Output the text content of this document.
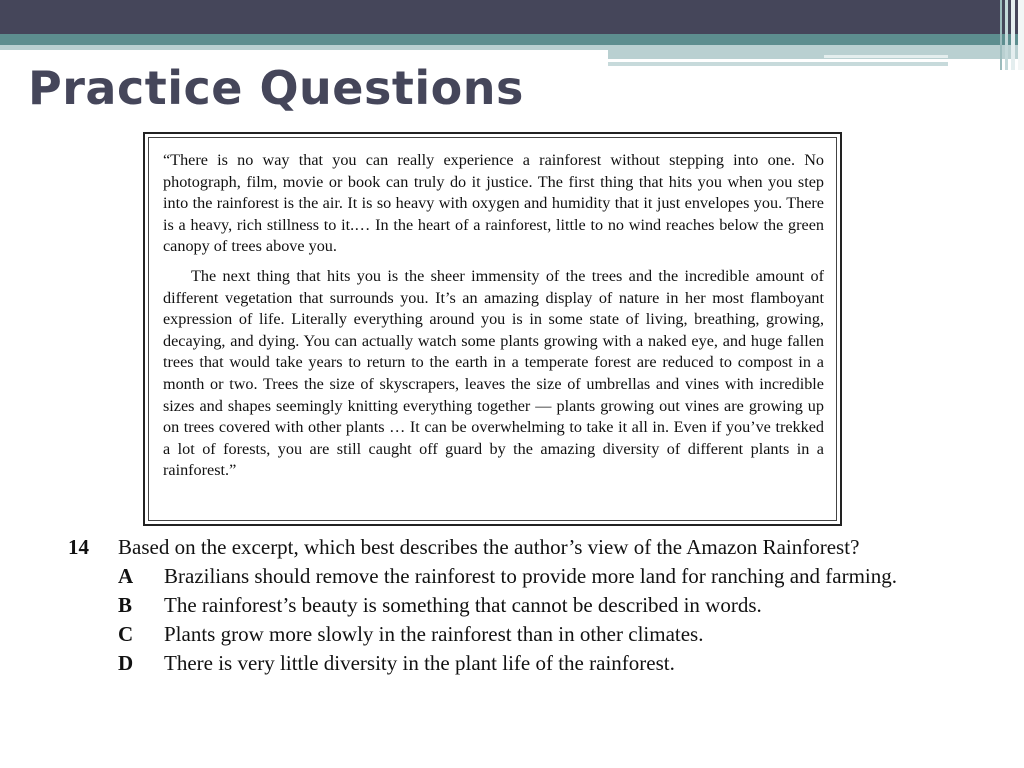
Practice Questions

“There is no way that you can really experience a rainforest without stepping into one. No photograph, film, movie or book can truly do it justice. The first thing that hits you when you step into the rainforest is the air. It is so heavy with oxygen and humidity that it just envelopes you. There is a heavy, rich stillness to it.… In the heart of a rainforest, little to no wind reaches below the green canopy of trees above you.

The next thing that hits you is the sheer immensity of the trees and the incredible amount of different vegetation that surrounds you. It’s an amazing display of nature in her most flamboyant expression of life. Literally everything around you is in some state of living, breathing, growing, decaying, and dying. You can actually watch some plants growing with a naked eye, and huge fallen trees that would take years to return to the earth in a temperate forest are reduced to compost in a month or two. Trees the size of skyscrapers, leaves the size of umbrellas and vines with incredible sizes and shapes seemingly knitting everything together — plants growing out vines are growing up on trees covered with other plants … It can be overwhelming to take it all in. Even if you’ve trekked a lot of forests, you are still caught off guard by the amazing diversity of different plants in a rainforest.”

14	Based on the excerpt, which best describes the author’s view of the Amazon Rainforest?
A	Brazilians should remove the rainforest to provide more land for ranching and farming.
B	The rainforest’s beauty is something that cannot be described in words.
C	Plants grow more slowly in the rainforest than in other climates.
D	There is very little diversity in the plant life of the rainforest.
